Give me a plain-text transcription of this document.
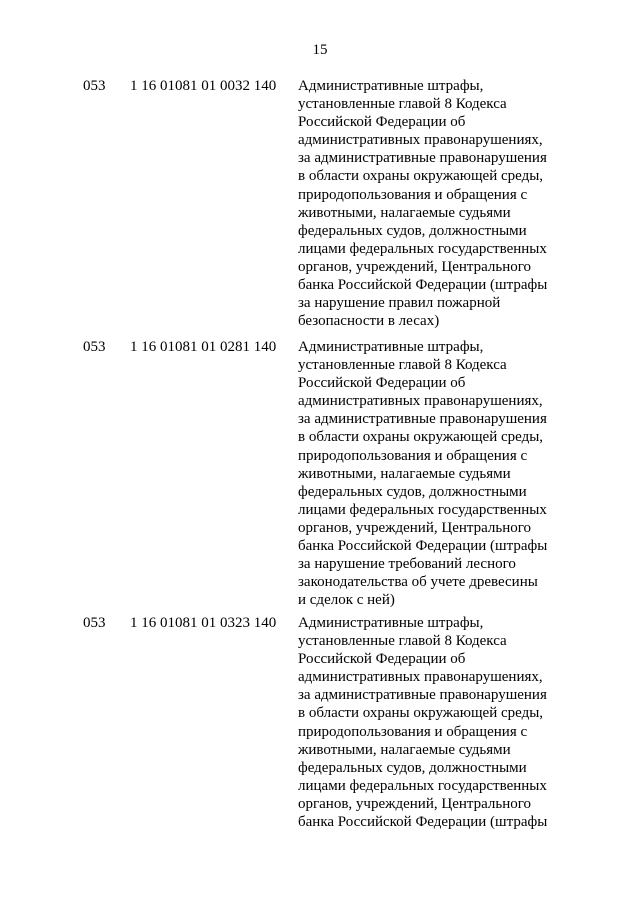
15
053 1 16 01081 01 0032 140 Административные штрафы,
установленные главой 8 Кодекса
Российской Федерации об
административных правонарушениях,
за административные правонарушения
в области охраны окружающей среды,
природопользования и обращения с
животными, налагаемые судьями
федеральных судов, должностными
лицами федеральных государственных
органов, учреждений, Центрального
банка Российской Федерации (штрафы
за нарушение правил пожарной
безопасности в лесах)
053 1 16 01081 01 0281 140 Административные штрафы,
установленные главой 8 Кодекса
Российской Федерации об
административных правонарушениях,
за административные правонарушения
в области охраны окружающей среды,
природопользования и обращения с
животными, налагаемые судьями
федеральных судов, должностными
лицами федеральных государственных
органов, учреждений, Центрального
банка Российской Федерации (штрафы
за нарушение требований лесного
законодательства об учете древесины
и сделок с ней)
053 1 16 01081 01 0323 140 Административные штрафы,
установленные главой 8 Кодекса
Российской Федерации об
административных правонарушениях,
за административные правонарушения
в области охраны окружающей среды,
природопользования и обращения с
животными, налагаемые судьями
федеральных судов, должностными
лицами федеральных государственных
органов, учреждений, Центрального
банка Российской Федерации (штрафы
